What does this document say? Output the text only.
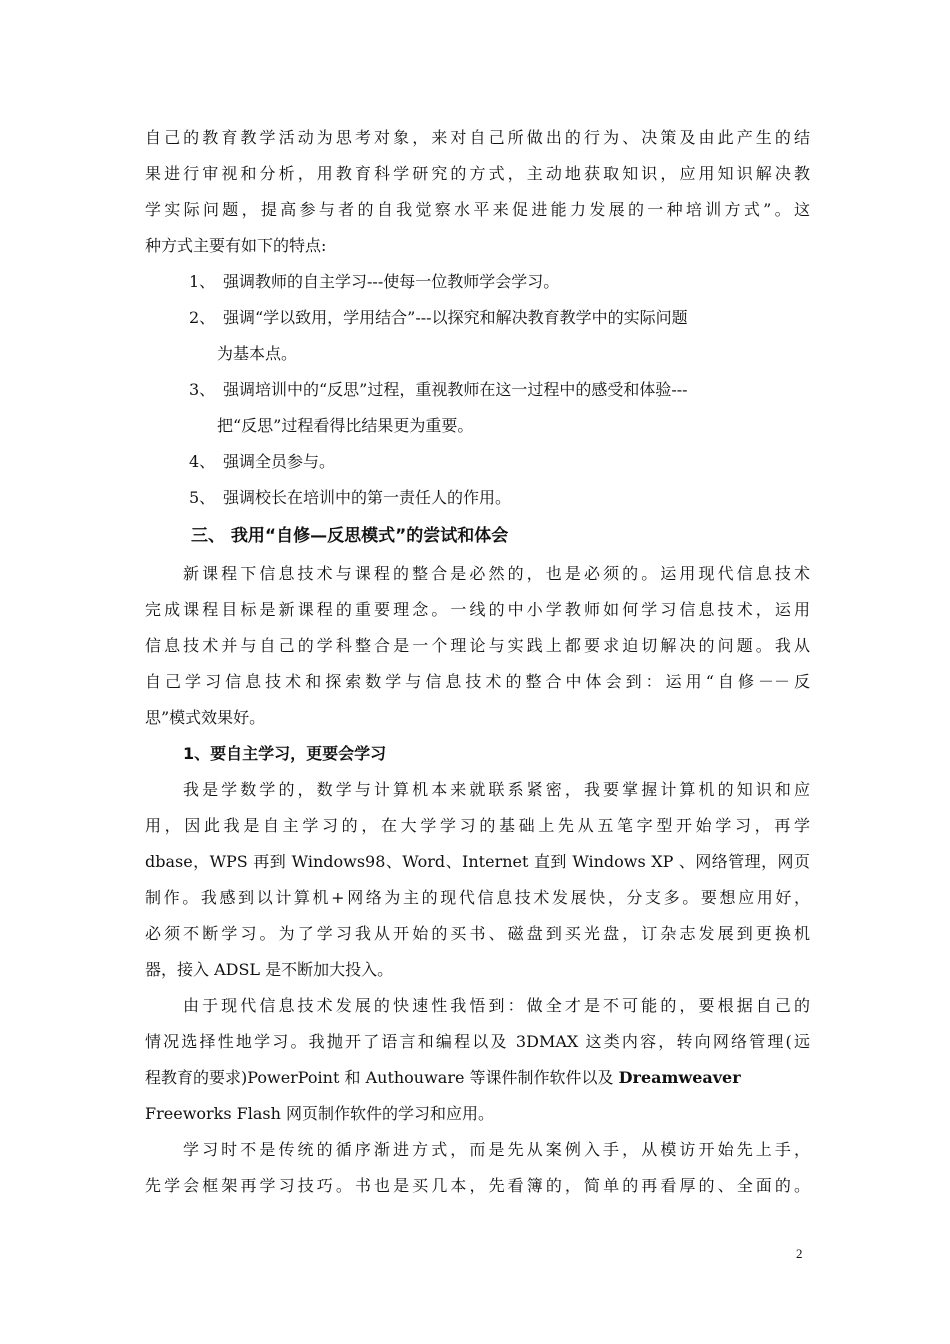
自己的教育教学活动为思考对象，来对自己所做出的行为、决策及由此产生的结
果进行审视和分析，用教育科学研究的方式，主动地获取知识，应用知识解决教
学实际问题，提高参与者的自我觉察水平来促进能力发展的一种培训方式”。这
种方式主要有如下的特点:
1、 强调教师的自主学习---使每一位教师学会学习。
2、 强调“学以致用，学用结合”---以探究和解决教育教学中的实际问题
为基本点。
3、 强调培训中的“反思”过程，重视教师在这一过程中的感受和体验---
把“反思”过程看得比结果更为重要。
4、 强调全员参与。
5、 强调校长在培训中的第一责任人的作用。
三、 我用“自修—反思模式”的尝试和体会
新课程下信息技术与课程的整合是必然的，也是必须的。运用现代信息技术
完成课程目标是新课程的重要理念。一线的中小学教师如何学习信息技术，运用
信息技术并与自己的学科整合是一个理论与实践上都要求迫切解决的问题。我从
自己学习信息技术和探索数学与信息技术的整合中体会到：运用“自修－－反
思”模式效果好。
1、要自主学习，更要会学习
我是学数学的，数学与计算机本来就联系紧密，我要掌握计算机的知识和应
用，因此我是自主学习的，在大学学习的基础上先从五笔字型开始学习，再学
dbase，WPS 再到 Windows98、Word、Internet 直到 Windows XP 、网络管理，网页
制作。我感到以计算机+网络为主的现代信息技术发展快，分支多。要想应用好，
必须不断学习。为了学习我从开始的买书、磁盘到买光盘，订杂志发展到更换机
器，接入 ADSL 是不断加大投入。
由于现代信息技术发展的快速性我悟到：做全才是不可能的，要根据自己的
情况选择性地学习。我抛开了语言和编程以及 3DMAX 这类内容，转向网络管理(远
程教育的要求)PowerPoint 和 Authouware 等课件制作软件以及 Dreamweaver
Freeworks Flash 网页制作软件的学习和应用。
学习时不是传统的循序渐进方式，而是先从案例入手，从模访开始先上手，
先学会框架再学习技巧。书也是买几本，先看簿的，简单的再看厚的、全面的。
2
